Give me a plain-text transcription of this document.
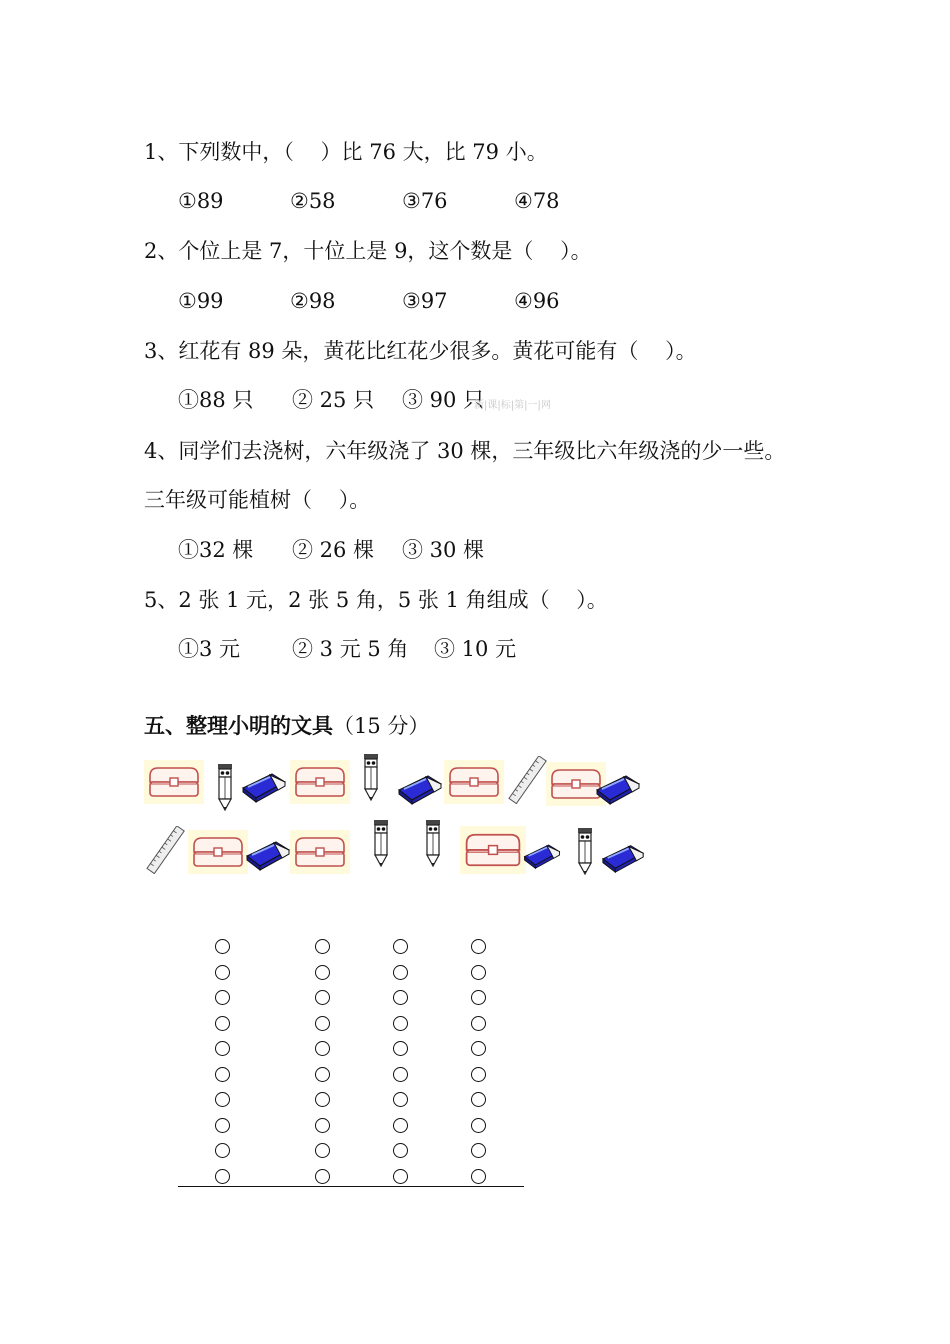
1、下列数中，（    ）比 76 大，比 79 小。
①89	②58	③76	④78
2、个位上是 7，十位上是 9，这个数是（    ）。
①99	②98	③97	④96
3、红花有 89 朵，黄花比红花少很多。黄花可能有（    ）。
①88 只 ② 25 只 ③ 90 只
新|课|标|第|一|网
4、同学们去浇树，六年级浇了 30 棵，三年级比六年级浇的少一些。
三年级可能植树（    ）。
①32 棵 ② 26 棵 ③ 30 棵
5、2 张 1 元，2 张 5 角，5 张 1 角组成（    ）。
①3 元 ② 3 元 5 角 ③ 10 元
五、整理小明的文具（15 分）
